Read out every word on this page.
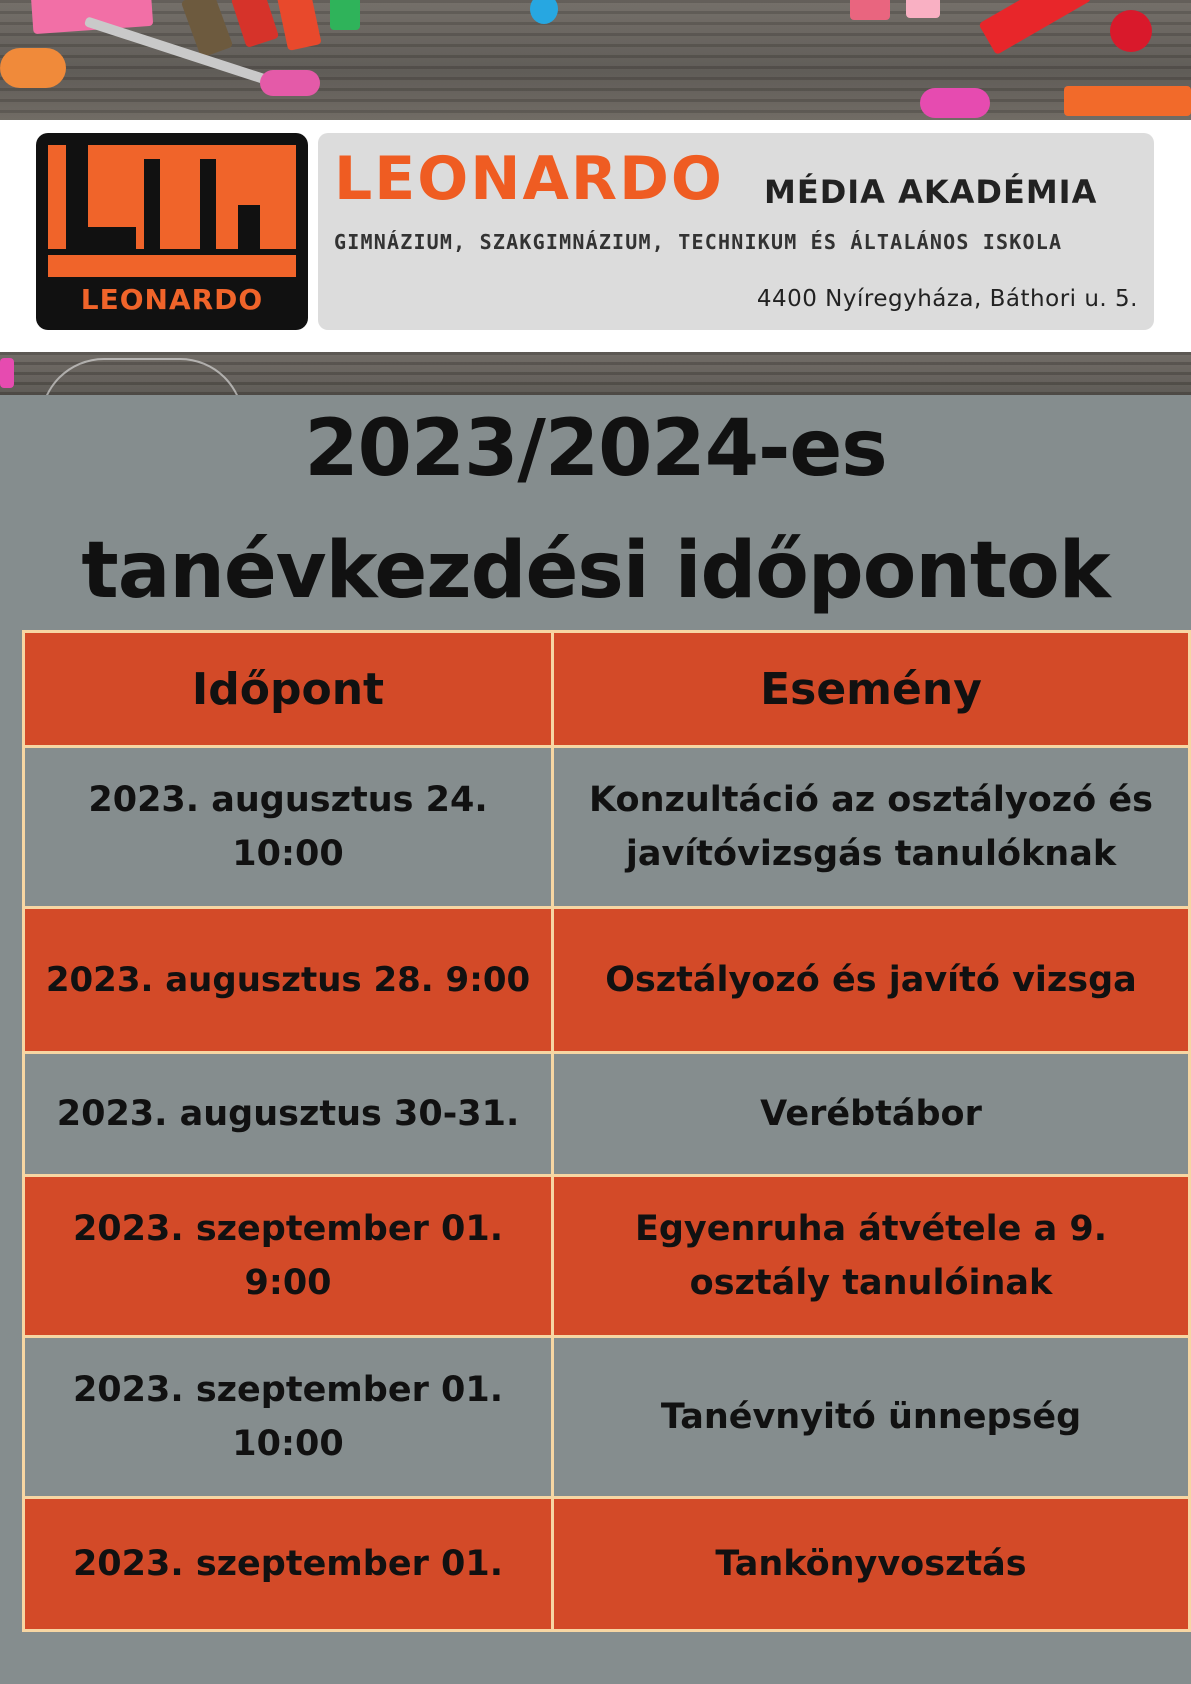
LEONARDO
LEONARDO MÉDIA AKADÉMIA
GIMNÁZIUM, SZAKGIMNÁZIUM, TECHNIKUM ÉS ÁLTALÁNOS ISKOLA
4400 Nyíregyháza, Báthori u. 5.
2023/2024-es
tanévkezdési időpontok
Időpont	Esemény
2023. augusztus 24. 10:00	Konzultáció az osztályozó és javítóvizsgás tanulóknak
2023. augusztus 28. 9:00	Osztályozó és javító vizsga
2023. augusztus 30-31.	Verébtábor
2023. szeptember 01. 9:00	Egyenruha átvétele a 9. osztály tanulóinak
2023. szeptember 01. 10:00	Tanévnyitó ünnepség
2023. szeptember 01.	Tankönyvosztás
